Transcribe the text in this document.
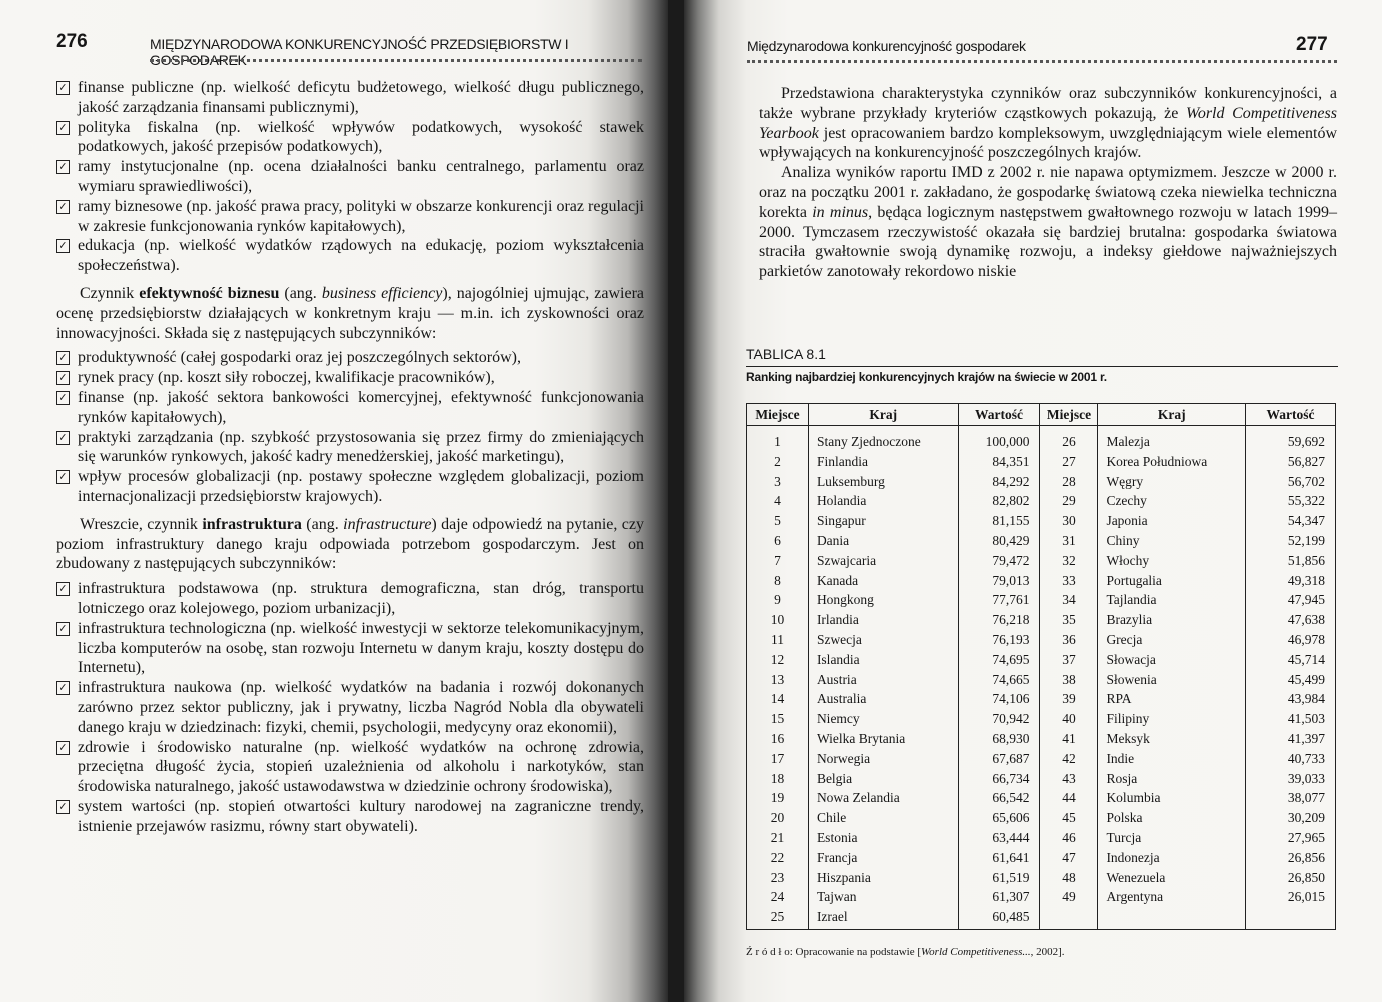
276	MIĘDZYNARODOWA KONKURENCYJNOŚĆ PRZEDSIĘBIORSTW I GOSPODAREK
✓ finanse publiczne (np. wielkość deficytu budżetowego, wielkość długu publicznego, jakość zarządzania finansami publicznymi),
✓ polityka fiskalna (np. wielkość wpływów podatkowych, wysokość stawek podatkowych, jakość przepisów podatkowych),
✓ ramy instytucjonalne (np. ocena działalności banku centralnego, parlamentu oraz wymiaru sprawiedliwości),
✓ ramy biznesowe (np. jakość prawa pracy, polityki w obszarze konkurencji oraz regulacji w zakresie funkcjonowania rynków kapitałowych),
✓ edukacja (np. wielkość wydatków rządowych na edukację, poziom wykształcenia społeczeństwa).

Czynnik efektywność biznesu (ang. business efficiency), najogólniej ujmując, zawiera ocenę przedsiębiorstw działających w konkretnym kraju — m.in. ich zyskowności oraz innowacyjności. Składa się z następujących subczynników:

✓ produktywność (całej gospodarki oraz jej poszczególnych sektorów),
✓ rynek pracy (np. koszt siły roboczej, kwalifikacje pracowników),
✓ finanse (np. jakość sektora bankowości komercyjnej, efektywność funkcjonowania rynków kapitałowych),
✓ praktyki zarządzania (np. szybkość przystosowania się przez firmy do zmieniających się warunków rynkowych, jakość kadry menedżerskiej, jakość marketingu),
✓ wpływ procesów globalizacji (np. postawy społeczne względem globalizacji, poziom internacjonalizacji przedsiębiorstw krajowych).

Wreszcie, czynnik infrastruktura (ang. infrastructure) daje odpowiedź na pytanie, czy poziom infrastruktury danego kraju odpowiada potrzebom gospodarczym. Jest on zbudowany z następujących subczynników:

✓ infrastruktura podstawowa (np. struktura demograficzna, stan dróg, transportu lotniczego oraz kolejowego, poziom urbanizacji),
✓ infrastruktura technologiczna (np. wielkość inwestycji w sektorze telekomunikacyjnym, liczba komputerów na osobę, stan rozwoju Internetu w danym kraju, koszty dostępu do Internetu),
✓ infrastruktura naukowa (np. wielkość wydatków na badania i rozwój dokonanych zarówno przez sektor publiczny, jak i prywatny, liczba Nagród Nobla dla obywateli danego kraju w dziedzinach: fizyki, chemii, psychologii, medycyny oraz ekonomii),
✓ zdrowie i środowisko naturalne (np. wielkość wydatków na ochronę zdrowia, przeciętna długość życia, stopień uzależnienia od alkoholu i narkotyków, stan środowiska naturalnego, jakość ustawodawstwa w dziedzinie ochrony środowiska),
✓ system wartości (np. stopień otwartości kultury narodowej na zagraniczne trendy, istnienie przejawów rasizmu, równy start obywateli).
Międzynarodowa konkurencyjność gospodarek	277

Przedstawiona charakterystyka czynników oraz subczynników konkurencyjności, a także wybrane przykłady kryteriów cząstkowych pokazują, że World Competitiveness Yearbook jest opracowaniem bardzo kompleksowym, uwzględniającym wiele elementów wpływających na konkurencyjność poszczególnych krajów.

Analiza wyników raportu IMD z 2002 r. nie napawa optymizmem. Jeszcze w 2000 r. oraz na początku 2001 r. zakładano, że gospodarkę światową czeka niewielka techniczna korekta in minus, będąca logicznym następstwem gwałtownego rozwoju w latach 1999–2000. Tymczasem rzeczywistość okazała się bardziej brutalna: gospodarka światowa straciła gwałtownie swoją dynamikę rozwoju, a indeksy giełdowe najważniejszych parkietów zanotowały rekordowo niskie

TABLICA 8.1
Ranking najbardziej konkurencyjnych krajów na świecie w 2001 r.
Miejsce	Kraj	Wartość	Miejsce	Kraj	Wartość
1	Stany Zjednoczone	100,000	26	Malezja	59,692
2	Finlandia	84,351	27	Korea Południowa	56,827
3	Luksemburg	84,292	28	Węgry	56,702
4	Holandia	82,802	29	Czechy	55,322
5	Singapur	81,155	30	Japonia	54,347
6	Dania	80,429	31	Chiny	52,199
7	Szwajcaria	79,472	32	Włochy	51,856
8	Kanada	79,013	33	Portugalia	49,318
9	Hongkong	77,761	34	Tajlandia	47,945
10	Irlandia	76,218	35	Brazylia	47,638
11	Szwecja	76,193	36	Grecja	46,978
12	Islandia	74,695	37	Słowacja	45,714
13	Austria	74,665	38	Słowenia	45,499
14	Australia	74,106	39	RPA	43,984
15	Niemcy	70,942	40	Filipiny	41,503
16	Wielka Brytania	68,930	41	Meksyk	41,397
17	Norwegia	67,687	42	Indie	40,733
18	Belgia	66,734	43	Rosja	39,033
19	Nowa Zelandia	66,542	44	Kolumbia	38,077
20	Chile	65,606	45	Polska	30,209
21	Estonia	63,444	46	Turcja	27,965
22	Francja	61,641	47	Indonezja	26,856
23	Hiszpania	61,519	48	Wenezuela	26,850
24	Tajwan	61,307	49	Argentyna	26,015
25	Izrael	60,485			
Ź r ó d ł o: Opracowanie na podstawie [World Competitiveness..., 2002].
